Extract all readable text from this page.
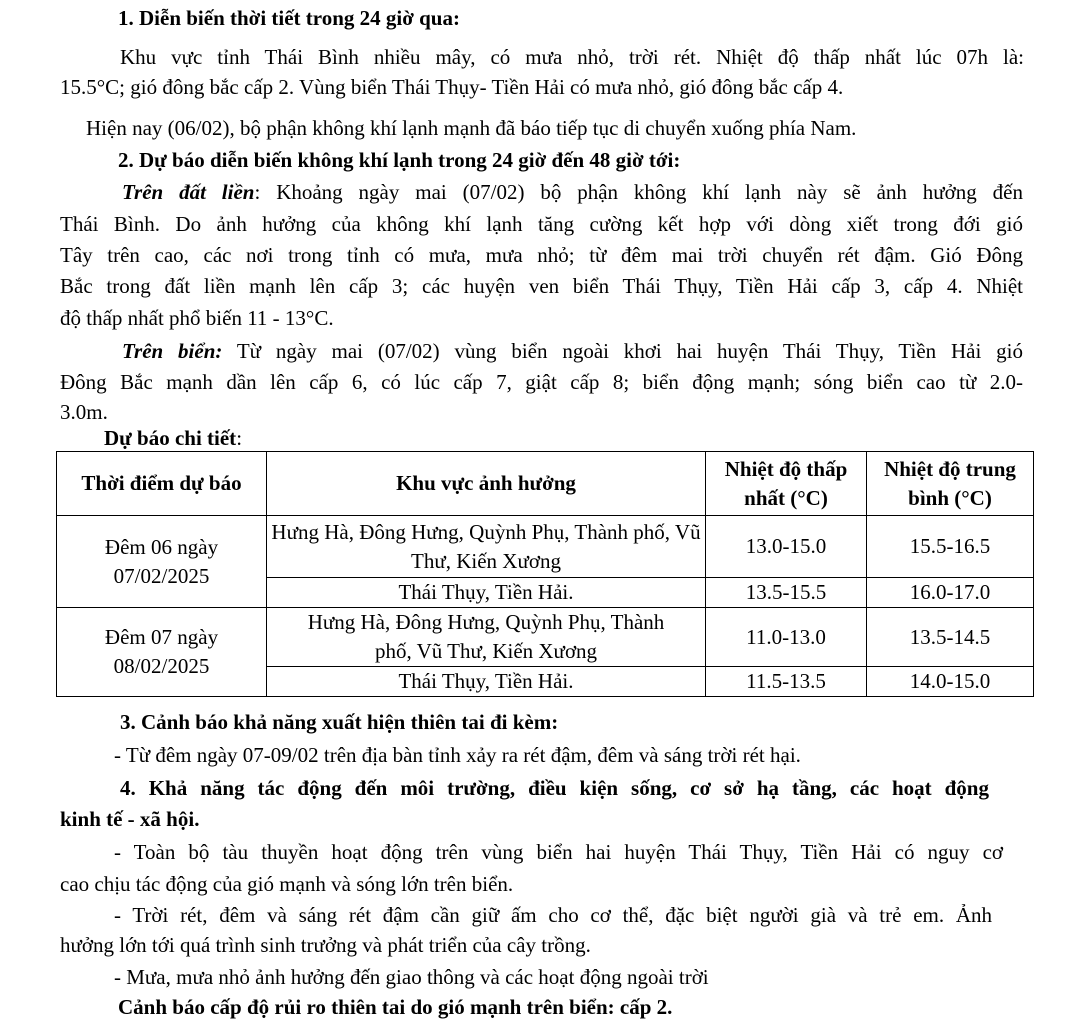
1. Diễn biến thời tiết trong 24 giờ qua:
Khu vực tỉnh Thái Bình nhiều mây, có mưa nhỏ, trời rét. Nhiệt độ thấp nhất lúc 07h là:
15.5°C; gió đông bắc cấp 2. Vùng biển Thái Thụy- Tiền Hải có mưa nhỏ, gió đông bắc cấp 4.
Hiện nay (06/02), bộ phận không khí lạnh mạnh đã báo tiếp tục di chuyển xuống phía Nam.
2. Dự báo diễn biến không khí lạnh trong 24 giờ đến 48 giờ tới:
Trên đất liền: Khoảng ngày mai (07/02) bộ phận không khí lạnh này sẽ ảnh hưởng đến
Thái Bình. Do ảnh hưởng của không khí lạnh tăng cường kết hợp với dòng xiết trong đới gió
Tây trên cao, các nơi trong tỉnh có mưa, mưa nhỏ; từ đêm mai trời chuyển rét đậm. Gió Đông
Bắc trong đất liền mạnh lên cấp 3; các huyện ven biển Thái Thụy, Tiền Hải cấp 3, cấp 4. Nhiệt
độ thấp nhất phổ biến 11 - 13°C.
Trên biển: Từ ngày mai (07/02) vùng biển ngoài khơi hai huyện Thái Thụy, Tiền Hải gió
Đông Bắc mạnh dần lên cấp 6, có lúc cấp 7, giật cấp 8; biển động mạnh; sóng biển cao từ 2.0-
3.0m.
Dự báo chi tiết:
Thời điểm dự báo	Khu vực ảnh hưởng	Nhiệt độ thấp nhất (°C)	Nhiệt độ trung bình (°C)
Đêm 06 ngày 07/02/2025	Hưng Hà, Đông Hưng, Quỳnh Phụ, Thành phố, Vũ Thư, Kiến Xương	13.0-15.0	15.5-16.5
	Thái Thụy, Tiền Hải.	13.5-15.5	16.0-17.0
Đêm 07 ngày 08/02/2025	Hưng Hà, Đông Hưng, Quỳnh Phụ, Thành phố, Vũ Thư, Kiến Xương	11.0-13.0	13.5-14.5
	Thái Thụy, Tiền Hải.	11.5-13.5	14.0-15.0
3. Cảnh báo khả năng xuất hiện thiên tai đi kèm:
- Từ đêm ngày 07-09/02 trên địa bàn tỉnh xảy ra rét đậm, đêm và sáng trời rét hại.
4. Khả năng tác động đến môi trường, điều kiện sống, cơ sở hạ tầng, các hoạt động
kinh tế - xã hội.
- Toàn bộ tàu thuyền hoạt động trên vùng biển hai huyện Thái Thụy, Tiền Hải có nguy cơ
cao chịu tác động của gió mạnh và sóng lớn trên biển.
- Trời rét, đêm và sáng rét đậm cần giữ ấm cho cơ thể, đặc biệt người già và trẻ em. Ảnh
hưởng lớn tới quá trình sinh trưởng và phát triển của cây trồng.
- Mưa, mưa nhỏ ảnh hưởng đến giao thông và các hoạt động ngoài trời
Cảnh báo cấp độ rủi ro thiên tai do gió mạnh trên biển: cấp 2.
